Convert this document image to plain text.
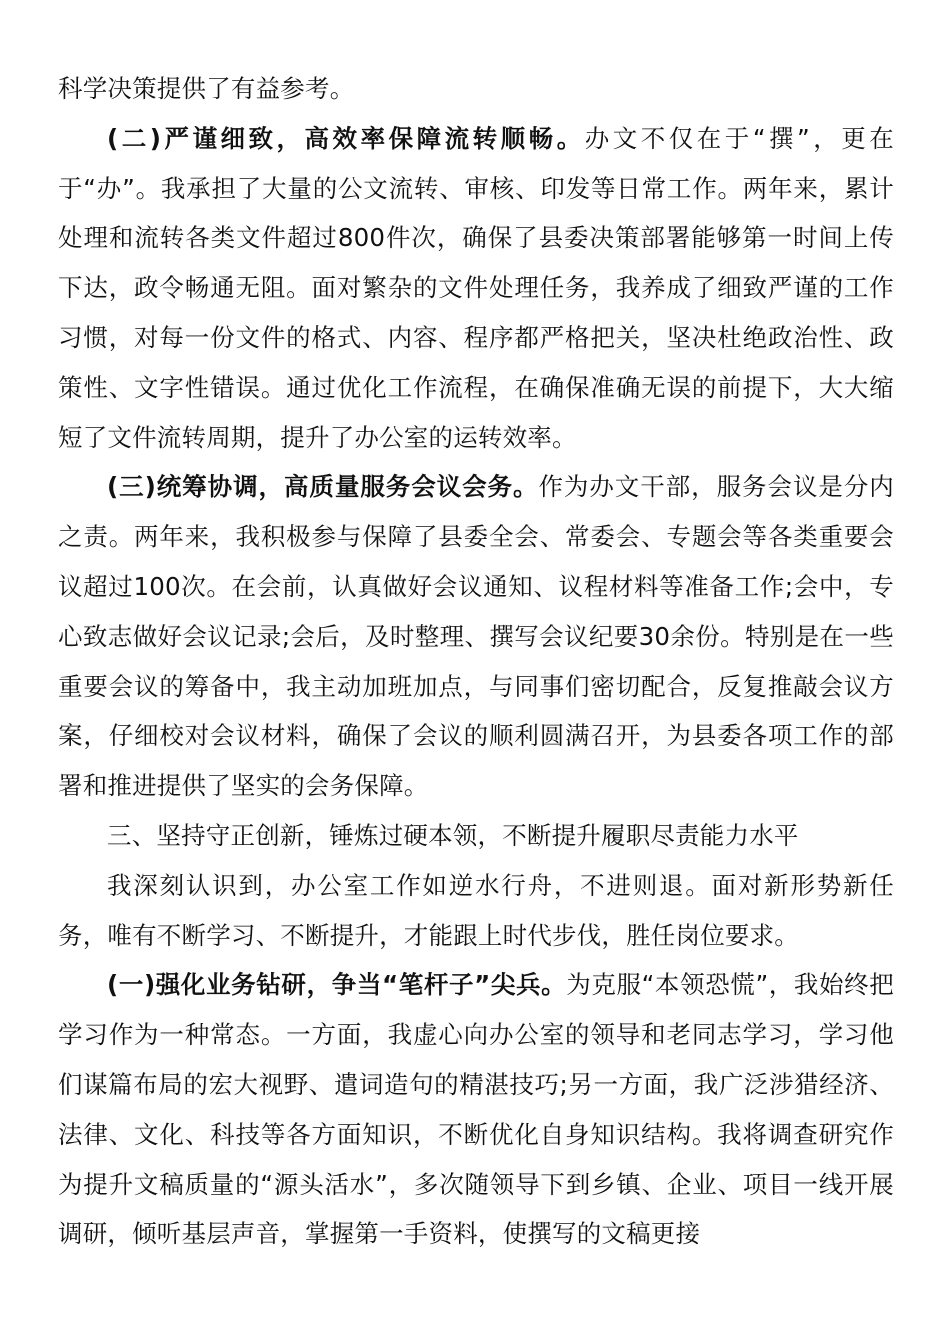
科学决策提供了有益参考。

(二)严谨细致，高效率保障流转顺畅。办文不仅在于“撰”，更在于“办”。我承担了大量的公文流转、审核、印发等日常工作。两年来，累计处理和流转各类文件超过800件次，确保了县委决策部署能够第一时间上传下达，政令畅通无阻。面对繁杂的文件处理任务，我养成了细致严谨的工作习惯，对每一份文件的格式、内容、程序都严格把关，坚决杜绝政治性、政策性、文字性错误。通过优化工作流程，在确保准确无误的前提下，大大缩短了文件流转周期，提升了办公室的运转效率。

(三)统筹协调，高质量服务会议会务。作为办文干部，服务会议是分内之责。两年来，我积极参与保障了县委全会、常委会、专题会等各类重要会议超过100次。在会前，认真做好会议通知、议程材料等准备工作;会中，专心致志做好会议记录;会后，及时整理、撰写会议纪要30余份。特别是在一些重要会议的筹备中，我主动加班加点，与同事们密切配合，反复推敲会议方案，仔细校对会议材料，确保了会议的顺利圆满召开，为县委各项工作的部署和推进提供了坚实的会务保障。

三、坚持守正创新，锤炼过硬本领，不断提升履职尽责能力水平

我深刻认识到，办公室工作如逆水行舟，不进则退。面对新形势新任务，唯有不断学习、不断提升，才能跟上时代步伐，胜任岗位要求。

(一)强化业务钻研，争当“笔杆子”尖兵。为克服“本领恐慌”，我始终把学习作为一种常态。一方面，我虚心向办公室的领导和老同志学习，学习他们谋篇布局的宏大视野、遣词造句的精湛技巧;另一方面，我广泛涉猎经济、法律、文化、科技等各方面知识，不断优化自身知识结构。我将调查研究作为提升文稿质量的“源头活水”，多次随领导下到乡镇、企业、项目一线开展调研，倾听基层声音，掌握第一手资料，使撰写的文稿更接
